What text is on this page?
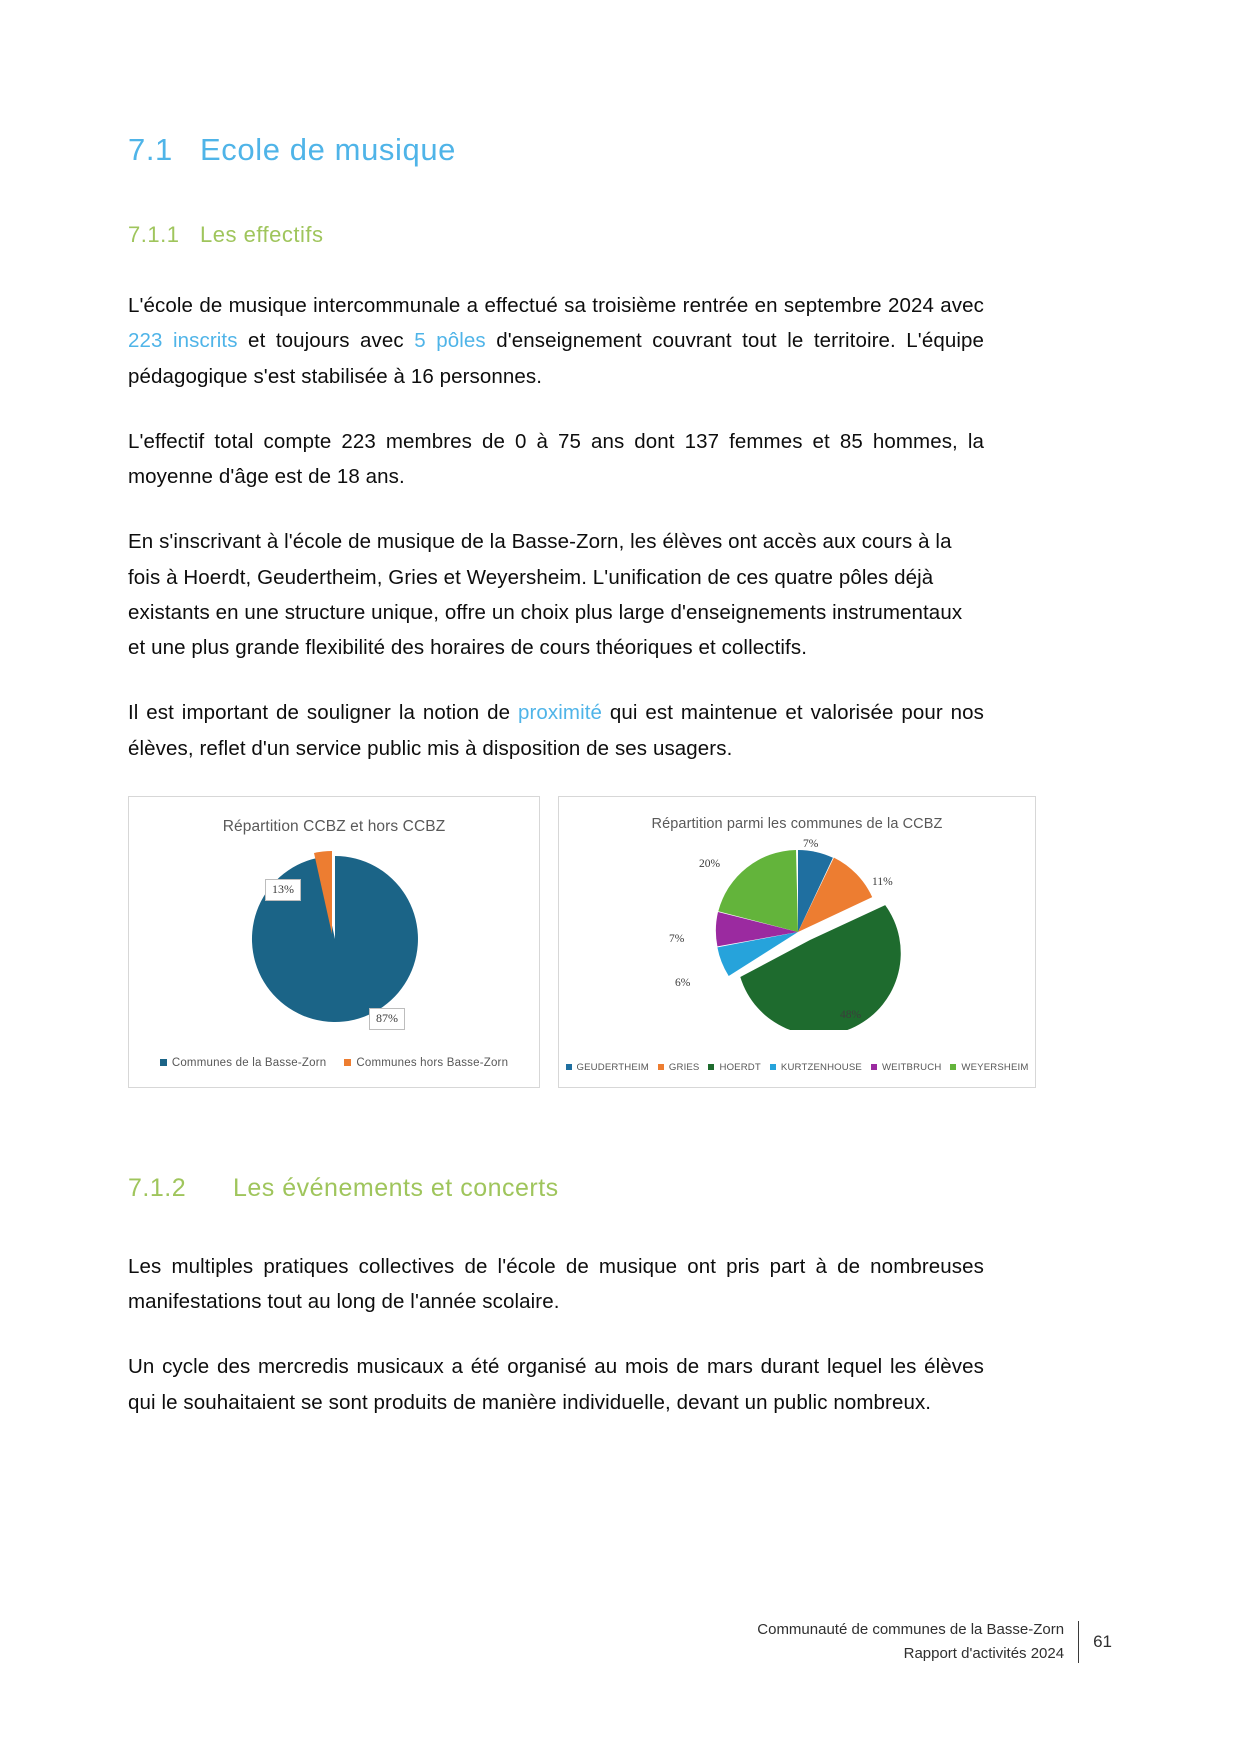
7.1 Ecole de musique
7.1.1 Les effectifs

L'école de musique intercommunale a effectué sa troisième rentrée en septembre 2024 avec 223 inscrits et toujours avec 5 pôles d'enseignement couvrant tout le territoire. L'équipe pédagogique s'est stabilisée à 16 personnes.

L'effectif total compte 223 membres de 0 à 75 ans dont 137 femmes et 85 hommes, la moyenne d'âge est de 18 ans.

En s'inscrivant à l'école de musique de la Basse-Zorn, les élèves ont accès aux cours à la fois à Hoerdt, Geudertheim, Gries et Weyersheim. L'unification de ces quatre pôles déjà existants en une structure unique, offre un choix plus large d'enseignements instrumentaux et une plus grande flexibilité des horaires de cours théoriques et collectifs.

Il est important de souligner la notion de proximité qui est maintenue et valorisée pour nos élèves, reflet d'un service public mis à disposition de ses usagers.

Répartition CCBZ et hors CCBZ
13%
87%
Communes de la Basse-Zorn	Communes hors Basse-Zorn
Répartition parmi les communes de la CCBZ
7%
11%
48%
6%
7%
20%
GEUDERTHEIM GRIES HOERDT KURTZENHOUSE WEITBRUCH WEYERSHEIM
7.1.2	Les événements et concerts

Les multiples pratiques collectives de l'école de musique ont pris part à de nombreuses manifestations tout au long de l'année scolaire.

Un cycle des mercredis musicaux a été organisé au mois de mars durant lequel les élèves qui le souhaitaient se sont produits de manière individuelle, devant un public nombreux.

Communauté de communes de la Basse-Zorn
Rapport d'activités 2024
61
